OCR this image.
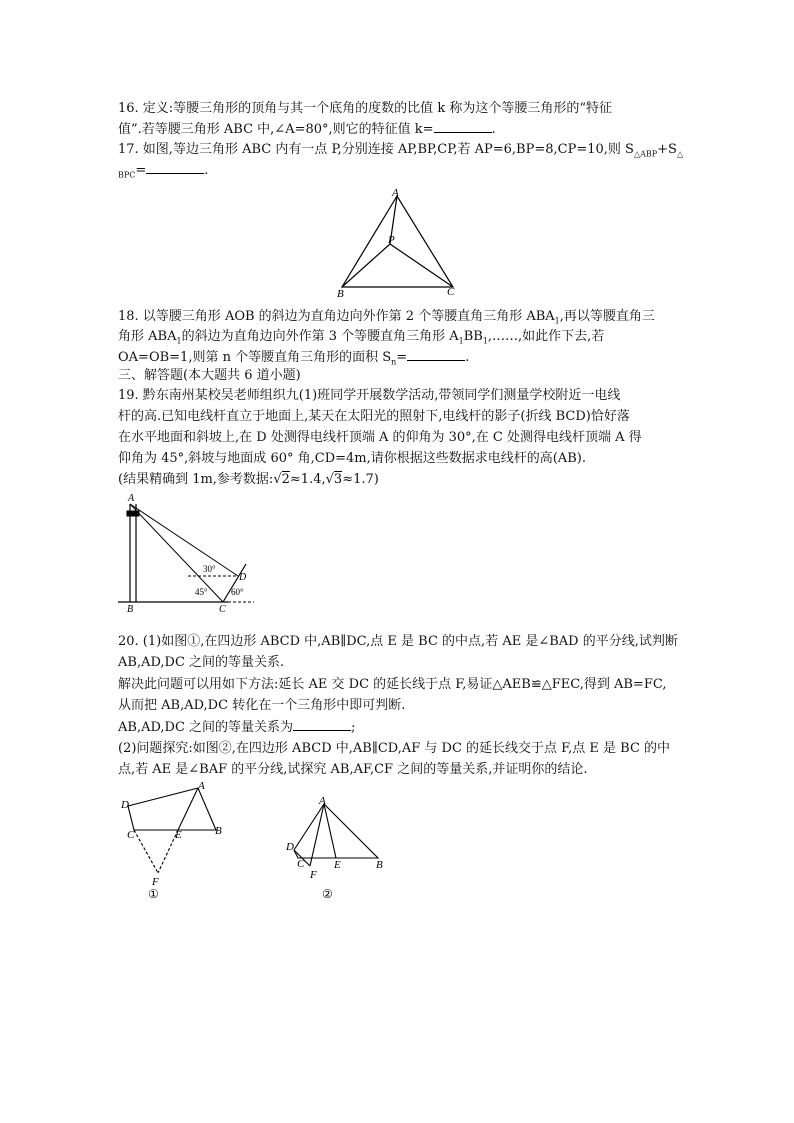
16. 定义:等腰三角形的顶角与其一个底角的度数的比值 k 称为这个等腰三角形的“特征
值”.若等腰三角形 ABC 中,∠A=80°,则它的特征值 k=	.
17. 如图,等边三角形 ABC 内有一点 P,分别连接 AP,BP,CP,若 AP=6,BP=8,CP=10,则 $S_{\triangle ABP}+S_\triangle$
$_{BPC}$=	.
A
P
B	C
18. 以等腰三角形 AOB 的斜边为直角边向外作第 2 个等腰直角三角形 $ABA_1$,再以等腰直角三
角形 $ABA_1$的斜边为直角边向外作第 3 个等腰直角三角形 $A_1BB_1,\dots\dots$,如此作下去,若
OA=OB=1,则第 n 个等腰直角三角形的面积 $S_n=$	.
三、解答题(本大题共 6 道小题)
19. 黔东南州某校吴老师组织九(1)班同学开展数学活动,带领同学们测量学校附近一电线
杆的高.已知电线杆直立于地面上,某天在太阳光的照射下,电线杆的影子(折线 BCD)恰好落
在水平地面和斜坡上,在 D 处测得电线杆顶端 A 的仰角为 30°,在 C 处测得电线杆顶端 A 得
仰角为 45°,斜坡与地面成 60° 角,CD=4m,请你根据这些数据求电线杆的高(AB).
(结果精确到 1m,参考数据:√2≈1.4,√3≈1.7)
A
B	C
D
30°
45°	60°
20. (1)如图①,在四边形 ABCD 中,AB∥DC,点 E 是 BC 的中点,若 AE 是∠BAD 的平分线,试判断
AB,AD,DC 之间的等量关系.
解决此问题可以用如下方法:延长 AE 交 DC 的延长线于点 F,易证△AEB≌△FEC,得到 AB=FC,
从而把 AB,AD,DC 转化在一个三角形中即可判断.
AB,AD,DC 之间的等量关系为	;
(2)问题探究:如图②,在四边形 ABCD 中,AB∥CD,AF 与 DC 的延长线交于点 F,点 E 是 BC 的中
点,若 AE 是∠BAF 的平分线,试探究 AB,AF,CF 之间的等量关系,并证明你的结论.
A
D
C	E	B
F
①
A
D
C	E	B
F
②
